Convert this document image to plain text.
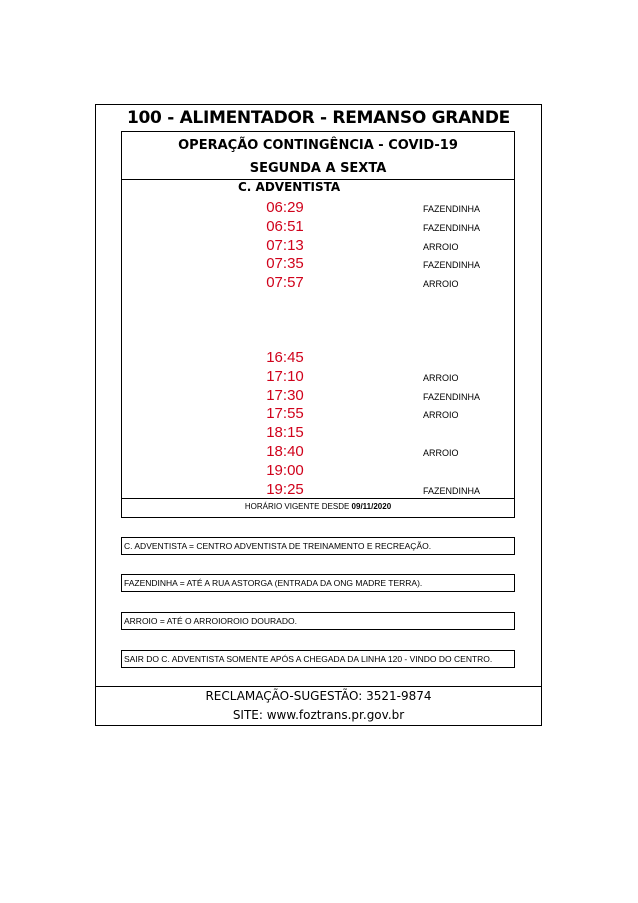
100 - ALIMENTADOR - REMANSO GRANDE
OPERAÇÃO CONTINGÊNCIA - COVID-19
SEGUNDA A SEXTA
C. ADVENTISTA
06:29	FAZENDINHA
06:51	FAZENDINHA
07:13	ARROIO
07:35	FAZENDINHA
07:57	ARROIO
16:45
17:10	ARROIO
17:30	FAZENDINHA
17:55	ARROIO
18:15
18:40	ARROIO
19:00
19:25	FAZENDINHA
HORÁRIO VIGENTE DESDE 09/11/2020
C. ADVENTISTA = CENTRO ADVENTISTA DE TREINAMENTO E RECREAÇÃO.
FAZENDINHA = ATÉ A RUA ASTORGA (ENTRADA DA ONG MADRE TERRA).
ARROIO = ATÉ O ARROIOROIO DOURADO.
SAIR DO C. ADVENTISTA SOMENTE APÓS A CHEGADA DA LINHA 120 - VINDO DO CENTRO.
RECLAMAÇÃO-SUGESTÃO: 3521-9874
SITE: www.foztrans.pr.gov.br
